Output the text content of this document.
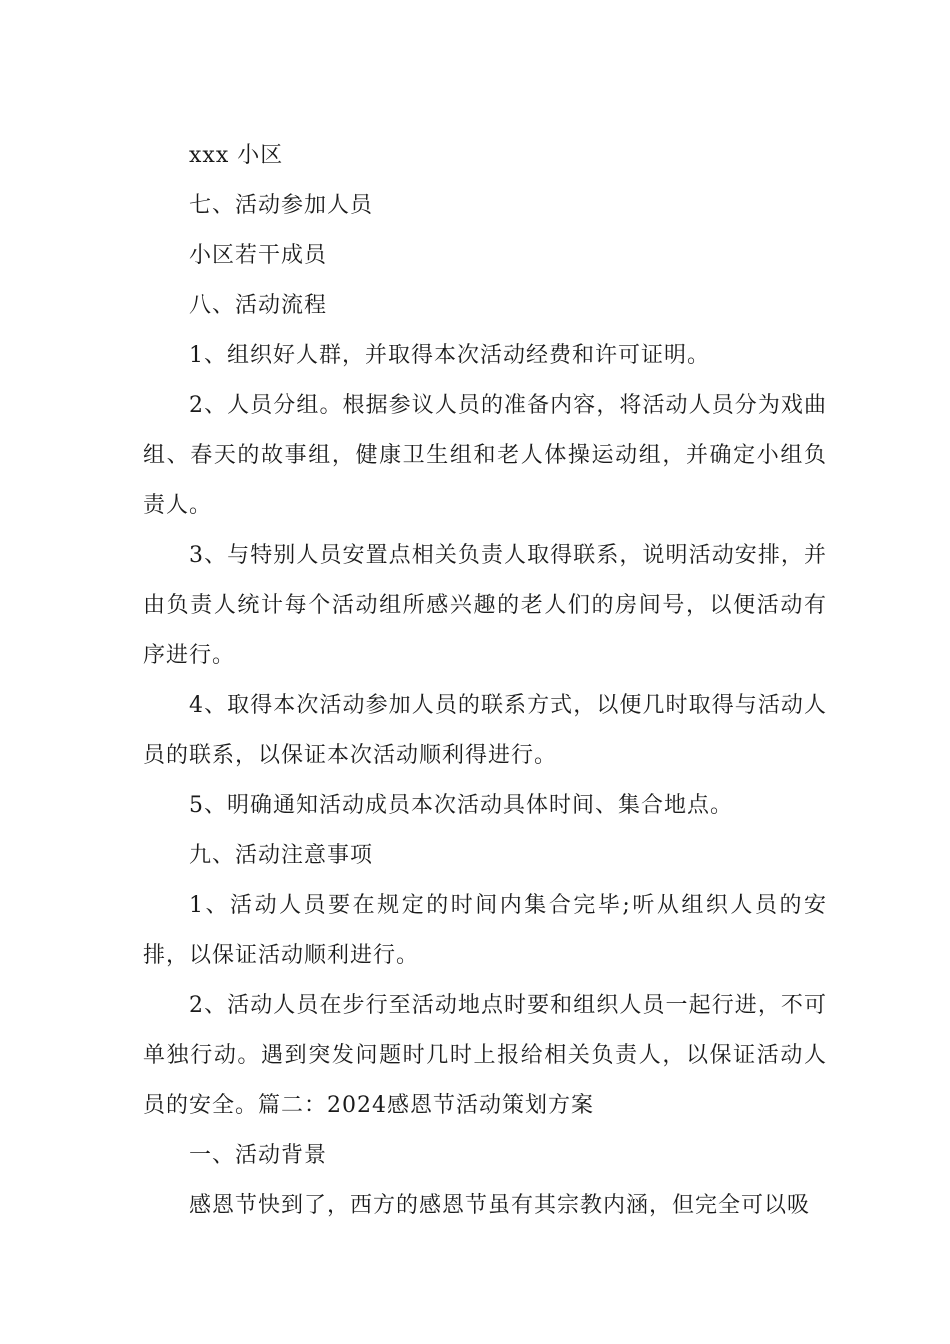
xxx 小区

七、活动参加人员

小区若干成员

八、活动流程

1、组织好人群，并取得本次活动经费和许可证明。

2、人员分组。根据参议人员的准备内容，将活动人员分为戏曲组、春天的故事组，健康卫生组和老人体操运动组，并确定小组负责人。

3、与特别人员安置点相关负责人取得联系，说明活动安排，并由负责人统计每个活动组所感兴趣的老人们的房间号，以便活动有序进行。

4、取得本次活动参加人员的联系方式，以便几时取得与活动人员的联系，以保证本次活动顺利得进行。

5、明确通知活动成员本次活动具体时间、集合地点。

九、活动注意事项

1、活动人员要在规定的时间内集合完毕;听从组织人员的安排，以保证活动顺利进行。

2、活动人员在步行至活动地点时要和组织人员一起行进，不可单独行动。遇到突发问题时几时上报给相关负责人，以保证活动人员的安全。篇二：2024感恩节活动策划方案

一、活动背景

感恩节快到了，西方的感恩节虽有其宗教内涵，但完全可以吸
